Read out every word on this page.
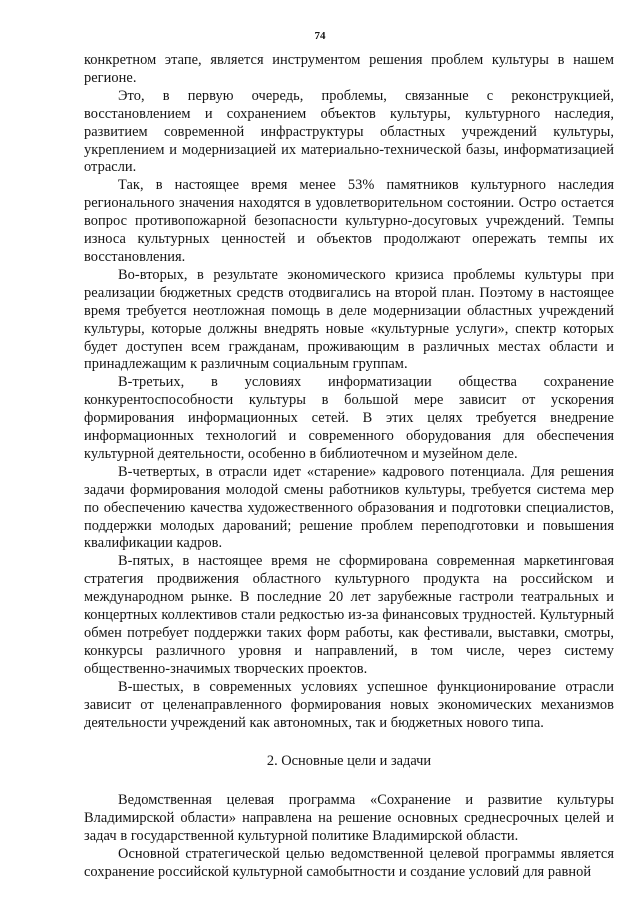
74

конкретном этапе, является инструментом решения проблем культуры в нашем регионе.

Это, в первую очередь, проблемы, связанные с реконструкцией, восстановлением и сохранением объектов культуры, культурного наследия, развитием современной инфраструктуры областных учреждений культуры, укреплением и модернизацией их материально-технической базы, информатизацией отрасли.

Так, в настоящее время менее 53% памятников культурного наследия регионального значения находятся в удовлетворительном состоянии. Остро остается вопрос противопожарной безопасности культурно-досуговых учреждений. Темпы износа культурных ценностей и объектов продолжают опережать темпы их восстановления.

Во-вторых, в результате экономического кризиса проблемы культуры при реализации бюджетных средств отодвигались на второй план. Поэтому в настоящее время требуется неотложная помощь в деле модернизации областных учреждений культуры, которые должны внедрять новые «культурные услуги», спектр которых будет доступен всем гражданам, проживающим в различных местах области и принадлежащим к различным социальным группам.

В-третьих, в условиях информатизации общества сохранение конкурентоспособности культуры в большой мере зависит от ускорения формирования информационных сетей. В этих целях требуется внедрение информационных технологий и современного оборудования для обеспечения культурной деятельности, особенно в библиотечном и музейном деле.

В-четвертых, в отрасли идет «старение» кадрового потенциала. Для решения задачи формирования молодой смены работников культуры, требуется система мер по обеспечению качества художественного образования и подготовки специалистов, поддержки молодых дарований; решение проблем переподготовки и повышения квалификации кадров.

В-пятых, в настоящее время не сформирована современная маркетинговая стратегия продвижения областного культурного продукта на российском и международном рынке. В последние 20 лет зарубежные гастроли театральных и концертных коллективов стали редкостью из-за финансовых трудностей. Культурный обмен потребует поддержки таких форм работы, как фестивали, выставки, смотры, конкурсы различного уровня и направлений, в том числе, через систему общественно-значимых творческих проектов.

В-шестых, в современных условиях успешное функционирование отрасли зависит от целенаправленного формирования новых экономических механизмов деятельности учреждений как автономных, так и бюджетных нового типа.

2. Основные цели и задачи

Ведомственная целевая программа «Сохранение и развитие культуры Владимирской области» направлена на решение основных среднесрочных целей и задач в государственной культурной политике Владимирской области.

Основной стратегической целью ведомственной целевой программы является сохранение российской культурной самобытности и создание условий для равной
